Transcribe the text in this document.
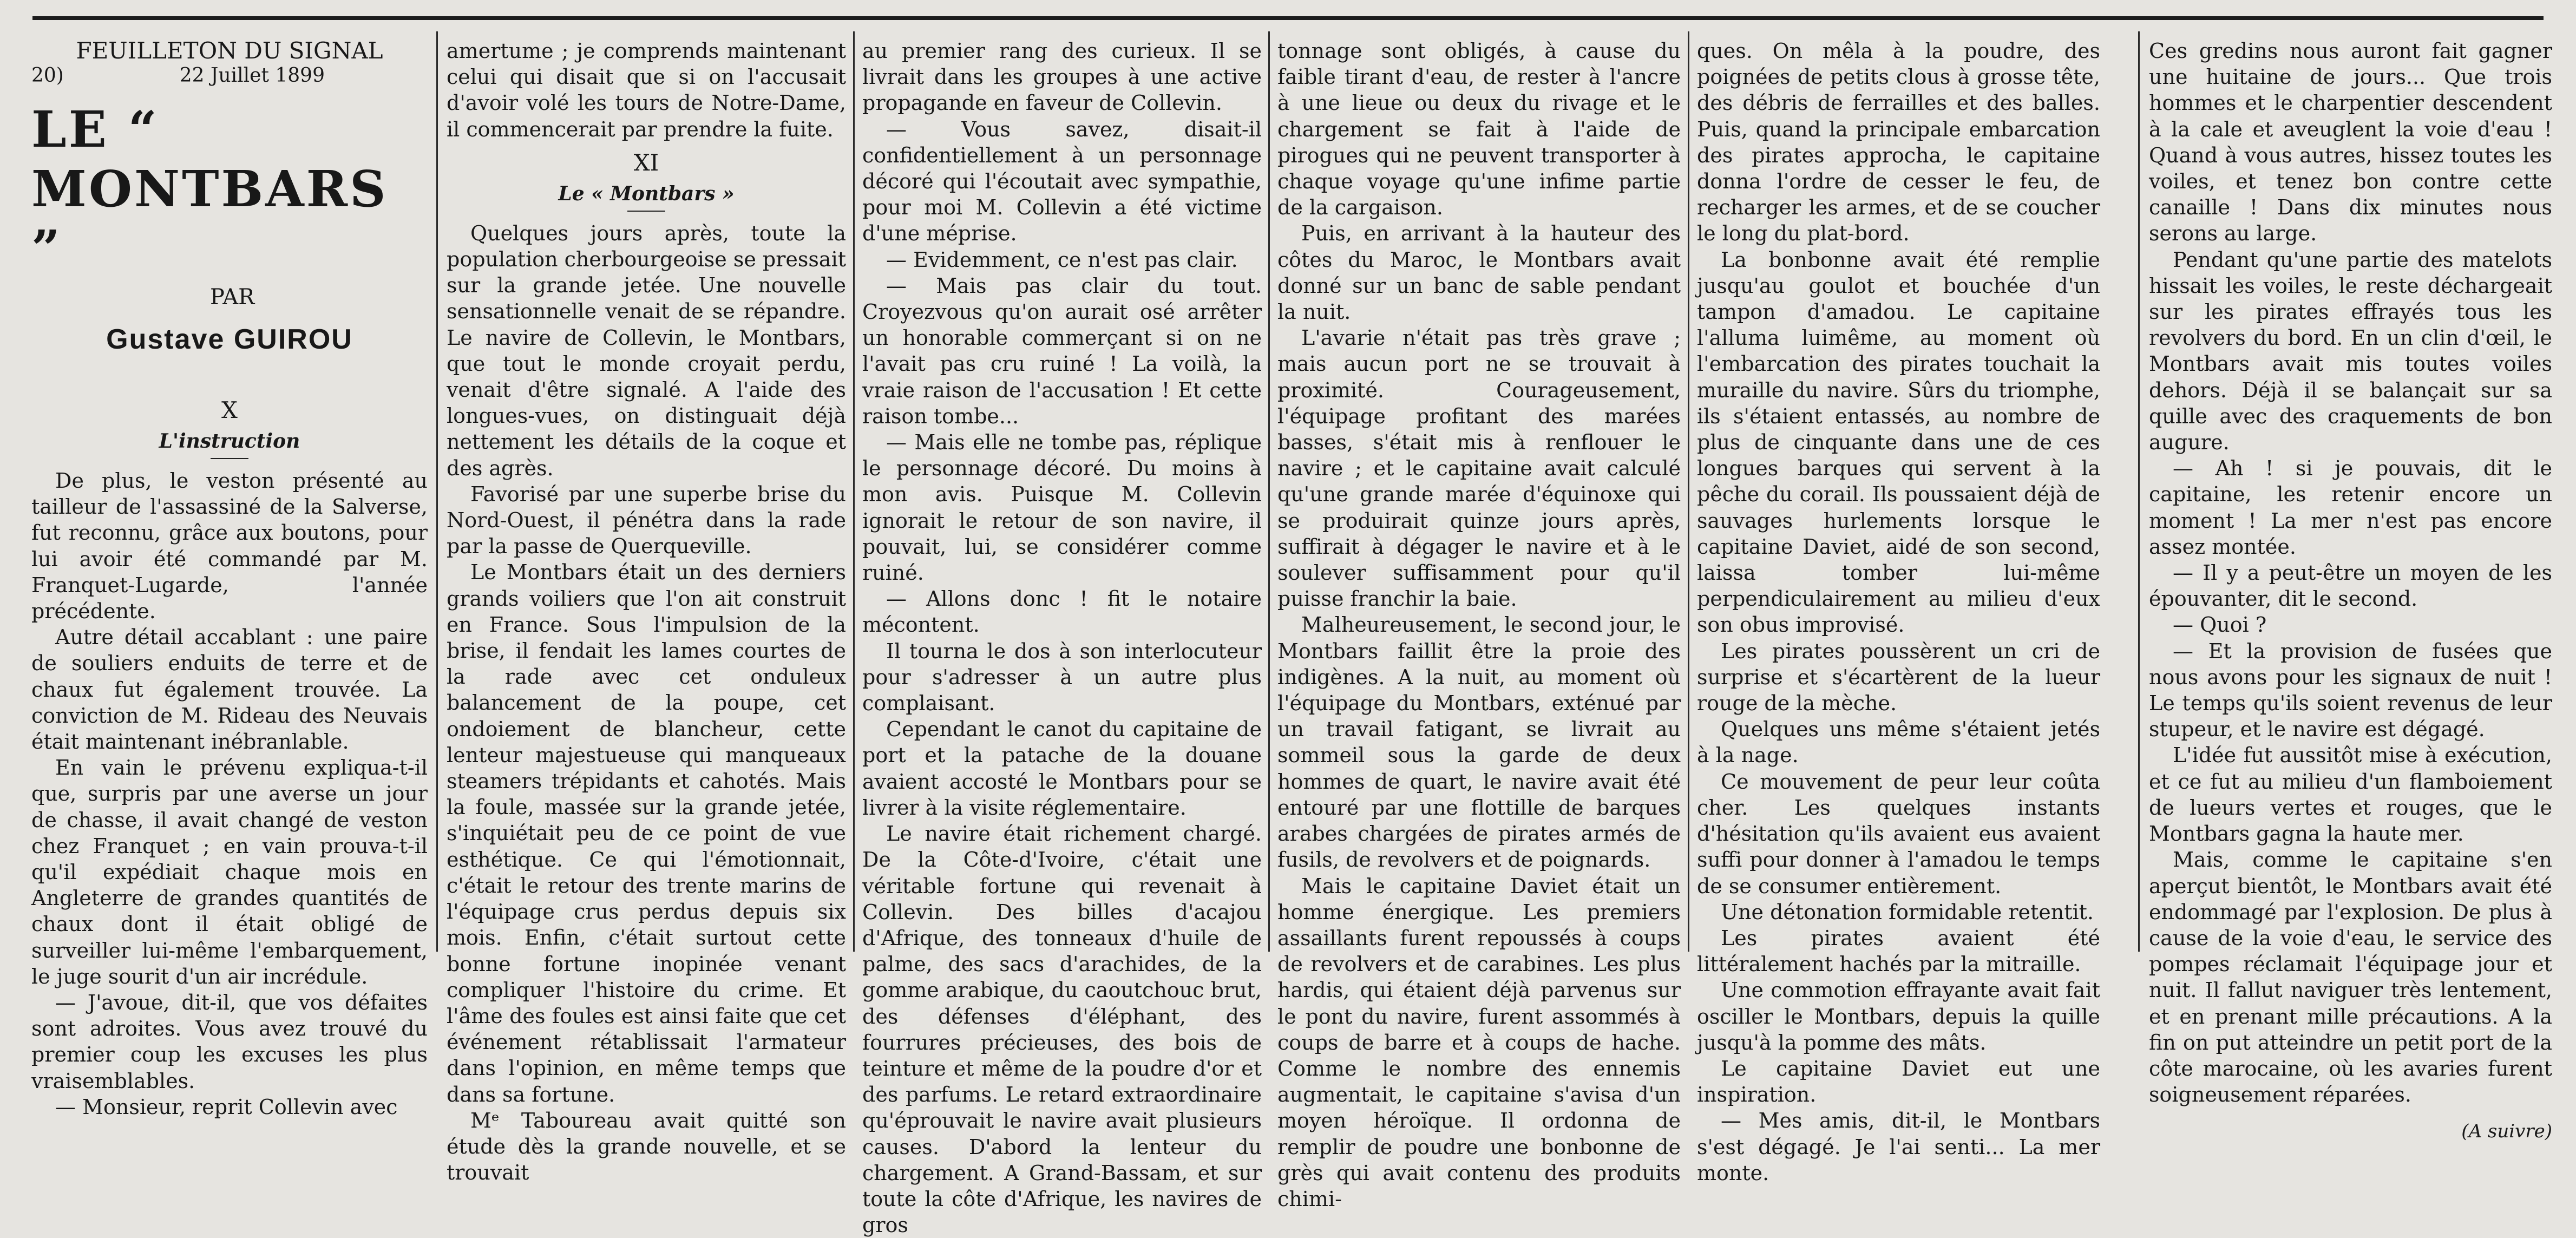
FEUILLETON DU SIGNAL
20)	22 Juillet 1899
LE “ MONTBARS ”
PAR
Gustave GUIROU
X
L'instruction

De plus, le veston présenté au tailleur de l'assassiné de la Salverse, fut reconnu, grâce aux boutons, pour lui avoir été commandé par M. Franquet-Lugarde, l'année précédente.

Autre détail accablant : une paire de souliers enduits de terre et de chaux fut également trouvée. La conviction de M. Rideau des Neuvais était maintenant inébranlable.

En vain le prévenu expliqua-t-il que, surpris par une averse un jour de chasse, il avait changé de veston chez Franquet ; en vain prouva-t-il qu'il expédiait chaque mois en Angleterre de grandes quantités de chaux dont il était obligé de surveiller lui-même l'embarquement, le juge sourit d'un air incrédule.

— J'avoue, dit-il, que vos défaites sont adroites. Vous avez trouvé du premier coup les excuses les plus vraisemblables.

— Monsieur, reprit Collevin avec

amertume ; je comprends maintenant celui qui disait que si on l'accusait d'avoir volé les tours de Notre-Dame, il commencerait par prendre la fuite.

XI
Le « Montbars »

Quelques jours après, toute la population cherbourgeoise se pressait sur la grande jetée. Une nouvelle sensationnelle venait de se répandre. Le navire de Collevin, le Montbars, que tout le monde croyait perdu, venait d'être signalé. A l'aide des longues-vues, on distinguait déjà nettement les détails de la coque et des agrès.

Favorisé par une superbe brise du Nord-Ouest, il pénétra dans la rade par la passe de Querqueville.

Le Montbars était un des derniers grands voiliers que l'on ait construit en France. Sous l'impulsion de la brise, il fendait les lames courtes de la rade avec cet onduleux balancement de la poupe, cet ondoiement de blancheur, cette lenteur majestueuse qui manqueaux steamers trépidants et cahotés. Mais la foule, massée sur la grande jetée, s'inquiétait peu de ce point de vue esthétique. Ce qui l'émotionnait, c'était le retour des trente marins de l'équipage crus perdus depuis six mois. Enfin, c'était surtout cette bonne fortune inopinée venant compliquer l'histoire du crime. Et l'âme des foules est ainsi faite que cet événement rétablissait l'armateur dans l'opinion, en même temps que dans sa fortune.

Mᵉ Taboureau avait quitté son étude dès la grande nouvelle, et se trouvait

au premier rang des curieux. Il se livrait dans les groupes à une active propagande en faveur de Collevin.

— Vous savez, disait-il confidentiellement à un personnage décoré qui l'écoutait avec sympathie, pour moi M. Collevin a été victime d'une méprise.

— Evidemment, ce n'est pas clair.

— Mais pas clair du tout. Croyezvous qu'on aurait osé arrêter un honorable commerçant si on ne l'avait pas cru ruiné ! La voilà, la vraie raison de l'accusation ! Et cette raison tombe...

— Mais elle ne tombe pas, réplique le personnage décoré. Du moins à mon avis. Puisque M. Collevin ignorait le retour de son navire, il pouvait, lui, se considérer comme ruiné.

— Allons donc ! fit le notaire mécontent.

Il tourna le dos à son interlocuteur pour s'adresser à un autre plus complaisant.

Cependant le canot du capitaine de port et la patache de la douane avaient accosté le Montbars pour se livrer à la visite réglementaire.

Le navire était richement chargé. De la Côte-d'Ivoire, c'était une véritable fortune qui revenait à Collevin. Des billes d'acajou d'Afrique, des tonneaux d'huile de palme, des sacs d'arachides, de la gomme arabique, du caoutchouc brut, des défenses d'éléphant, des fourrures précieuses, des bois de teinture et même de la poudre d'or et des parfums. Le retard extraordinaire qu'éprouvait le navire avait plusieurs causes. D'abord la lenteur du chargement. A Grand-Bassam, et sur toute la côte d'Afrique, les navires de gros

tonnage sont obligés, à cause du faible tirant d'eau, de rester à l'ancre à une lieue ou deux du rivage et le chargement se fait à l'aide de pirogues qui ne peuvent transporter à chaque voyage qu'une infime partie de la cargaison.

Puis, en arrivant à la hauteur des côtes du Maroc, le Montbars avait donné sur un banc de sable pendant la nuit.

L'avarie n'était pas très grave ; mais aucun port ne se trouvait à proximité. Courageusement, l'équipage profitant des marées basses, s'était mis à renflouer le navire ; et le capitaine avait calculé qu'une grande marée d'équinoxe qui se produirait quinze jours après, suffirait à dégager le navire et à le soulever suffisamment pour qu'il puisse franchir la baie.

Malheureusement, le second jour, le Montbars faillit être la proie des indigènes. A la nuit, au moment où l'équipage du Montbars, exténué par un travail fatigant, se livrait au sommeil sous la garde de deux hommes de quart, le navire avait été entouré par une flottille de barques arabes chargées de pirates armés de fusils, de revolvers et de poignards.

Mais le capitaine Daviet était un homme énergique. Les premiers assaillants furent repoussés à coups de revolvers et de carabines. Les plus hardis, qui étaient déjà parvenus sur le pont du navire, furent assommés à coups de barre et à coups de hache. Comme le nombre des ennemis augmentait, le capitaine s'avisa d'un moyen héroïque. Il ordonna de remplir de poudre une bonbonne de grès qui avait contenu des produits chimi-

ques. On mêla à la poudre, des poignées de petits clous à grosse tête, des débris de ferrailles et des balles. Puis, quand la principale embarcation des pirates approcha, le capitaine donna l'ordre de cesser le feu, de recharger les armes, et de se coucher le long du plat-bord.

La bonbonne avait été remplie jusqu'au goulot et bouchée d'un tampon d'amadou. Le capitaine l'alluma luimême, au moment où l'embarcation des pirates touchait la muraille du navire. Sûrs du triomphe, ils s'étaient entassés, au nombre de plus de cinquante dans une de ces longues barques qui servent à la pêche du corail. Ils poussaient déjà de sauvages hurlements lorsque le capitaine Daviet, aidé de son second, laissa tomber lui-même perpendiculairement au milieu d'eux son obus improvisé.

Les pirates poussèrent un cri de surprise et s'écartèrent de la lueur rouge de la mèche.

Quelques uns même s'étaient jetés à la nage.

Ce mouvement de peur leur coûta cher. Les quelques instants d'hésitation qu'ils avaient eus avaient suffi pour donner à l'amadou le temps de se consumer entièrement.

Une détonation formidable retentit.

Les pirates avaient été littéralement hachés par la mitraille.

Une commotion effrayante avait fait osciller le Montbars, depuis la quille jusqu'à la pomme des mâts.

Le capitaine Daviet eut une inspiration.

— Mes amis, dit-il, le Montbars s'est dégagé. Je l'ai senti... La mer monte.

Ces gredins nous auront fait gagner une huitaine de jours... Que trois hommes et le charpentier descendent à la cale et aveuglent la voie d'eau ! Quand à vous autres, hissez toutes les voiles, et tenez bon contre cette canaille ! Dans dix minutes nous serons au large.

Pendant qu'une partie des matelots hissait les voiles, le reste déchargeait sur les pirates effrayés tous les revolvers du bord. En un clin d'œil, le Montbars avait mis toutes voiles dehors. Déjà il se balançait sur sa quille avec des craquements de bon augure.

— Ah ! si je pouvais, dit le capitaine, les retenir encore un moment ! La mer n'est pas encore assez montée.

— Il y a peut-être un moyen de les épouvanter, dit le second.

— Quoi ?

— Et la provision de fusées que nous avons pour les signaux de nuit ! Le temps qu'ils soient revenus de leur stupeur, et le navire est dégagé.

L'idée fut aussitôt mise à exécution, et ce fut au milieu d'un flamboiement de lueurs vertes et rouges, que le Montbars gagna la haute mer.

Mais, comme le capitaine s'en aperçut bientôt, le Montbars avait été endommagé par l'explosion. De plus à cause de la voie d'eau, le service des pompes réclamait l'équipage jour et nuit. Il fallut naviguer très lentement, et en prenant mille précautions. A la fin on put atteindre un petit port de la côte marocaine, où les avaries furent soigneusement réparées.

( A suivre )
